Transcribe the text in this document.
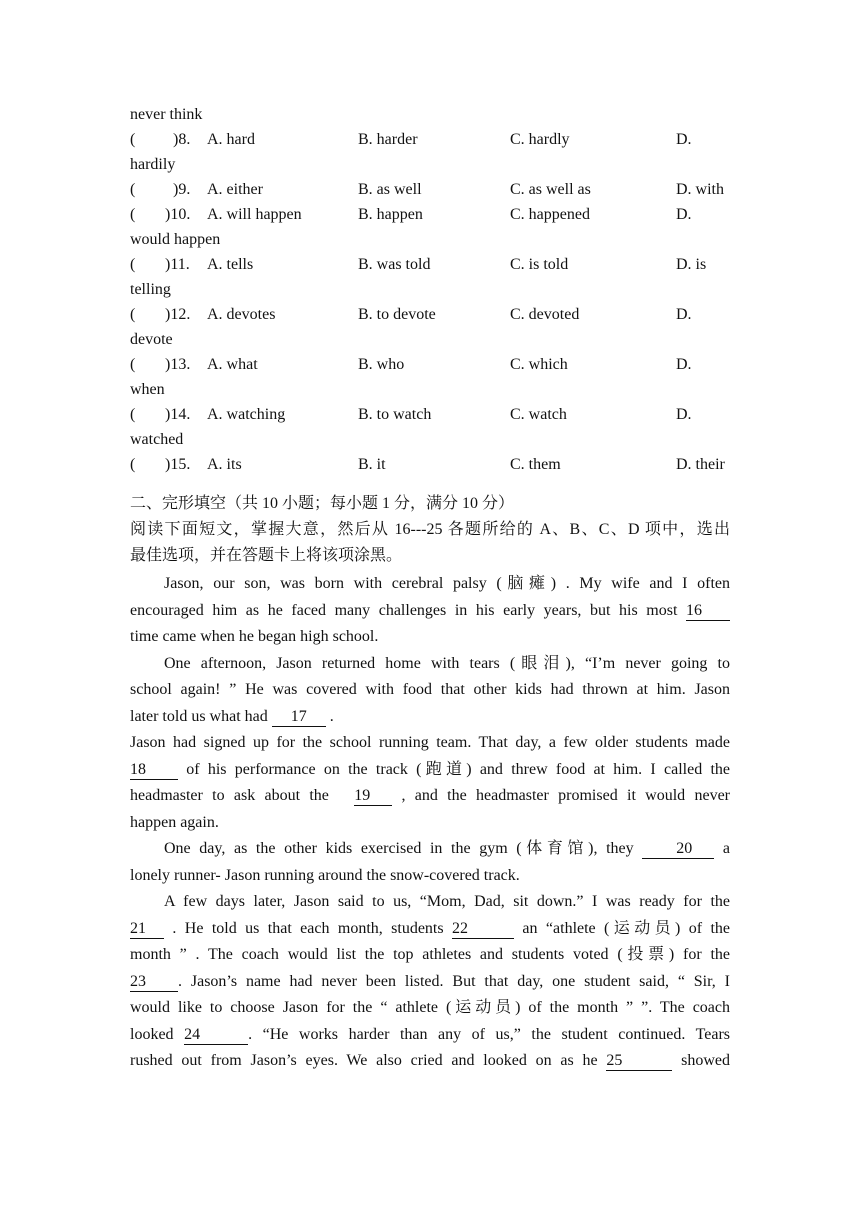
never think
( )8. A. hard	B. harder	C. hardly	D.
hardily
( )9. A. either	B. as well	C. as well as	D. with
( )10. A. will happen	B. happen	C. happened	D.
would happen
( )11. A. tells	B. was told	C. is told	D. is
telling
( )12. A. devotes	B. to devote	C. devoted	D.
devote
( )13. A. what	B. who	C. which	D.
when
( )14. A. watching	B. to watch	C. watch	D.
watched
( )15. A. its	B. it	C. them	D. their
二、完形填空（共 10 小题；每小题 1 分，满分 10 分）
阅读下面短文，掌握大意，然后从 16---25 各题所给的 A、B、C、D 项中，选出
最佳选项，并在答题卡上将该项涂黑。
Jason, our son, was born with cerebral palsy (脑瘫) . My wife and I often
encouraged him as he faced many challenges in his early years, but his most 16
time came when he began high school.
One afternoon, Jason returned home with tears (眼泪), “I’m never going to
school again! ” He was covered with food that other kids had thrown at him. Jason
later told us what had 17 .
Jason had signed up for the school running team. That day, a few older students made
18 of his performance on the track (跑道) and threw food at him. I called the
headmaster to ask about the 19 , and the headmaster promised it would never
happen again.
One day, as the other kids exercised in the gym (体育馆), they 20 a
lonely runner- Jason running around the snow-covered track.
A few days later, Jason said to us, “Mom, Dad, sit down.” I was ready for the
21 . He told us that each month, students 22	an “athlete (运动员) of the
month ” . The coach would list the top athletes and students voted (投票) for the
23 . Jason’s name had never been listed. But that day, one student said, “ Sir, I
would like to choose Jason for the “ athlete (运动员) of the month ” ”. The coach
looked 24	. “He works harder than any of us,” the student continued. Tears
rushed out from Jason’s eyes. We also cried and looked on as he 25	showed
